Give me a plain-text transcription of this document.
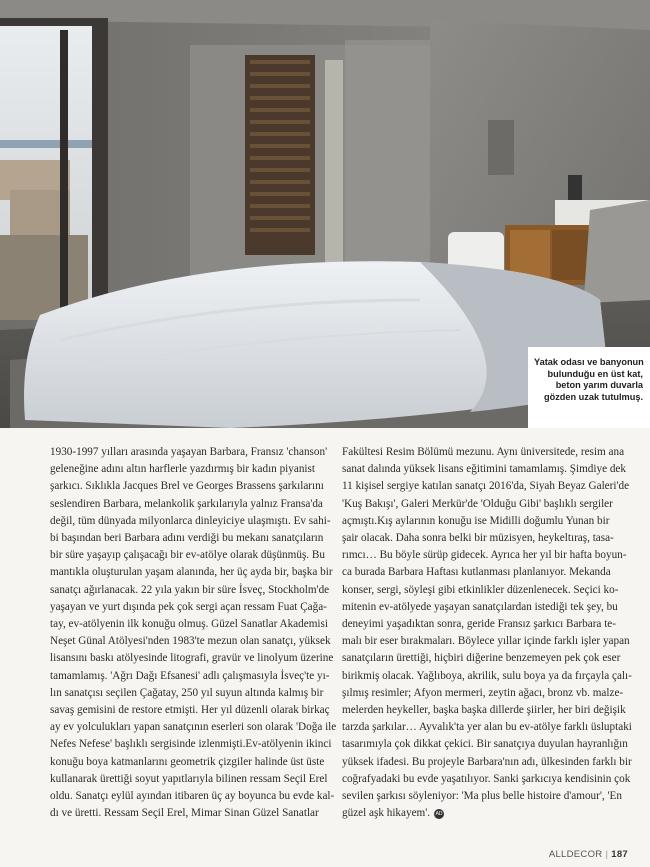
Yatak odası ve banyonun
bulunduğu en üst kat,
beton yarım duvarla
gözden uzak tutulmuş.
1930-1997 yılları arasında yaşayan Barbara, Fransız 'chanson'
geleneğine adını altın harflerle yazdırmış bir kadın piyanist
şarkıcı. Sıklıkla Jacques Brel ve Georges Brassens şarkılarını
seslendiren Barbara, melankolik şarkılarıyla yalnız Fransa'da
değil, tüm dünyada milyonlarca dinleyiciye ulaşmıştı. Ev sahi-
bi başından beri Barbara adını verdiği bu mekanı sanatçıların
bir süre yaşayıp çalışacağı bir ev-atölye olarak düşünmüş. Bu
mantıkla oluşturulan yaşam alanında, her üç ayda bir, başka bir
sanatçı ağırlanacak. 22 yıla yakın bir süre İsveç, Stockholm'de
yaşayan ve yurt dışında pek çok sergi açan ressam Fuat Çağa-
tay, ev-atölyenin ilk konuğu olmuş. Güzel Sanatlar Akademisi
Neşet Günal Atölyesi'nden 1983'te mezun olan sanatçı, yüksek
lisansını baskı atölyesinde litografi, gravür ve linolyum üzerine
tamamlamış. 'Ağrı Dağı Efsanesi' adlı çalışmasıyla İsveç'te yı-
lın sanatçısı seçilen Çağatay, 250 yıl suyun altında kalmış bir
savaş gemisini de restore etmişti. Her yıl düzenli olarak birkaç
ay ev yolculukları yapan sanatçının eserleri son olarak 'Doğa ile
Nefes Nefese' başlıklı sergisinde izlenmişti.Ev-atölyenin ikinci
konuğu boya katmanlarını geometrik çizgiler halinde üst üste
kullanarak ürettiği soyut yapıtlarıyla bilinen ressam Seçil Erel
oldu. Sanatçı eylül ayından itibaren üç ay boyunca bu evde kal-
dı ve üretti. Ressam Seçil Erel, Mimar Sinan Güzel Sanatlar
Fakültesi Resim Bölümü mezunu. Aynı üniversitede, resim ana
sanat dalında yüksek lisans eğitimini tamamlamış. Şimdiye dek
11 kişisel sergiye katılan sanatçı 2016'da, Siyah Beyaz Galeri'de
'Kuş Bakışı', Galeri Merkür'de 'Olduğu Gibi' başlıklı sergiler
açmıştı.Kış aylarının konuğu ise Midilli doğumlu Yunan bir
şair olacak. Daha sonra belki bir müzisyen, heykeltıraş, tasa-
rımcı… Bu böyle sürüp gidecek. Ayrıca her yıl bir hafta boyun-
ca burada Barbara Haftası kutlanması planlanıyor. Mekanda
konser, sergi, söyleşi gibi etkinlikler düzenlenecek. Seçici ko-
mitenin ev-atölyede yaşayan sanatçılardan istediği tek şey, bu
deneyimi yaşadıktan sonra, geride Fransız şarkıcı Barbara te-
malı bir eser bırakmaları. Böylece yıllar içinde farklı işler yapan
sanatçıların ürettiği, hiçbiri diğerine benzemeyen pek çok eser
birikmiş olacak. Yağlıboya, akrilik, sulu boya ya da fırçayla çalı-
şılmış resimler; Afyon mermeri, zeytin ağacı, bronz vb. malze-
melerden heykeller, başka başka dillerde şiirler, her biri değişik
tarzda şarkılar… Ayvalık'ta yer alan bu ev-atölye farklı üsluptaki
tasarımıyla çok dikkat çekici. Bir sanatçıya duyulan hayranlığın
yüksek ifadesi. Bu projeyle Barbara'nın adı, ülkesinden farklı bir
coğrafyadaki bu evde yaşatılıyor. Sanki şarkıcıya kendisinin çok
sevilen şarkısı söyleniyor: 'Ma plus belle histoire d'amour', 'En
güzel aşk hikayem'. AD
ALLDECOR | 187
